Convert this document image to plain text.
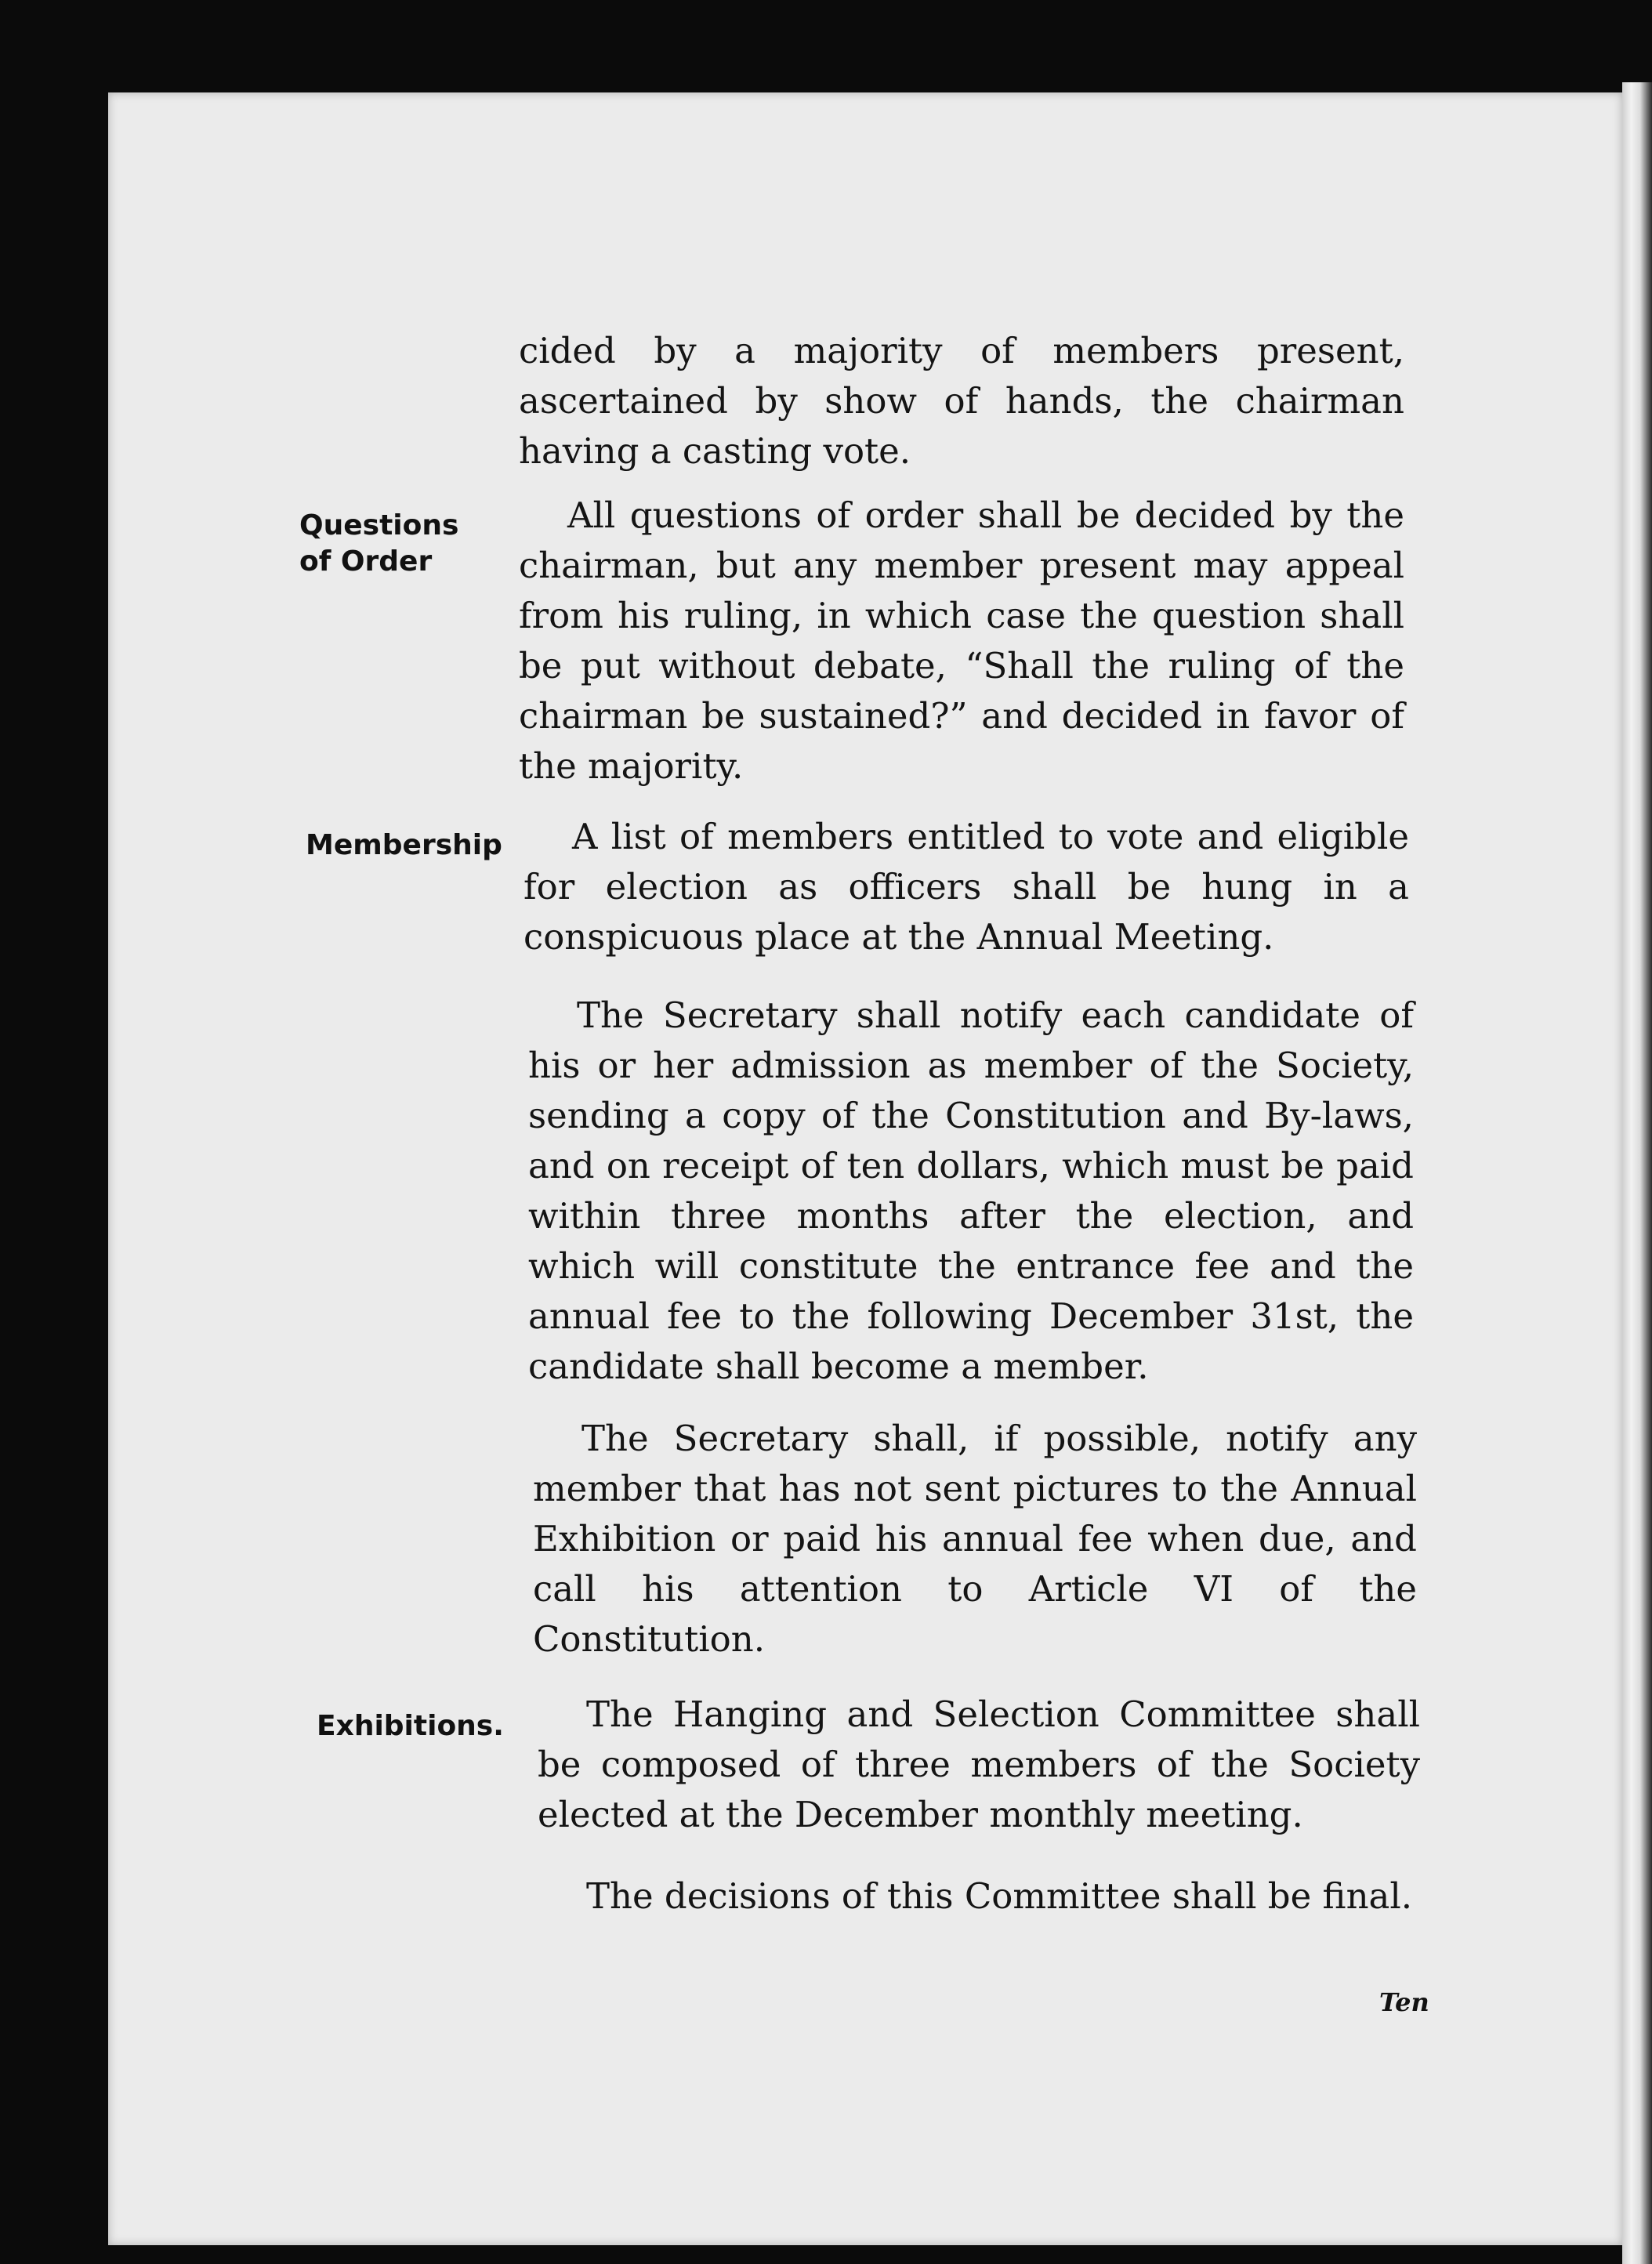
cided by a majority of members present, ascertained by show of hands, the chairman having a casting vote.
Questions of Order
All questions of order shall be decided by the chairman, but any member present may appeal from his ruling, in which case the question shall be put without debate, “Shall the ruling of the chairman be sustained?” and decided in favor of the majority.
Membership	A list of members entitled to vote and eligible for election as officers shall be hung in a conspicuous place at the Annual Meeting.
The Secretary shall notify each candidate of his or her admission as member of the Society, sending a copy of the Constitution and By-laws, and on receipt of ten dollars, which must be paid within three months after the election, and which will constitute the entrance fee and the annual fee to the following December 31st, the candidate shall become a member.
The Secretary shall, if possible, notify any member that has not sent pictures to the Annual Exhibition or paid his annual fee when due, and call his attention to Article VI of the Constitution.
Exhibitions.	The Hanging and Selection Committee shall be composed of three members of the Society elected at the December monthly meeting.
The decisions of this Committee shall be final.
Ten
